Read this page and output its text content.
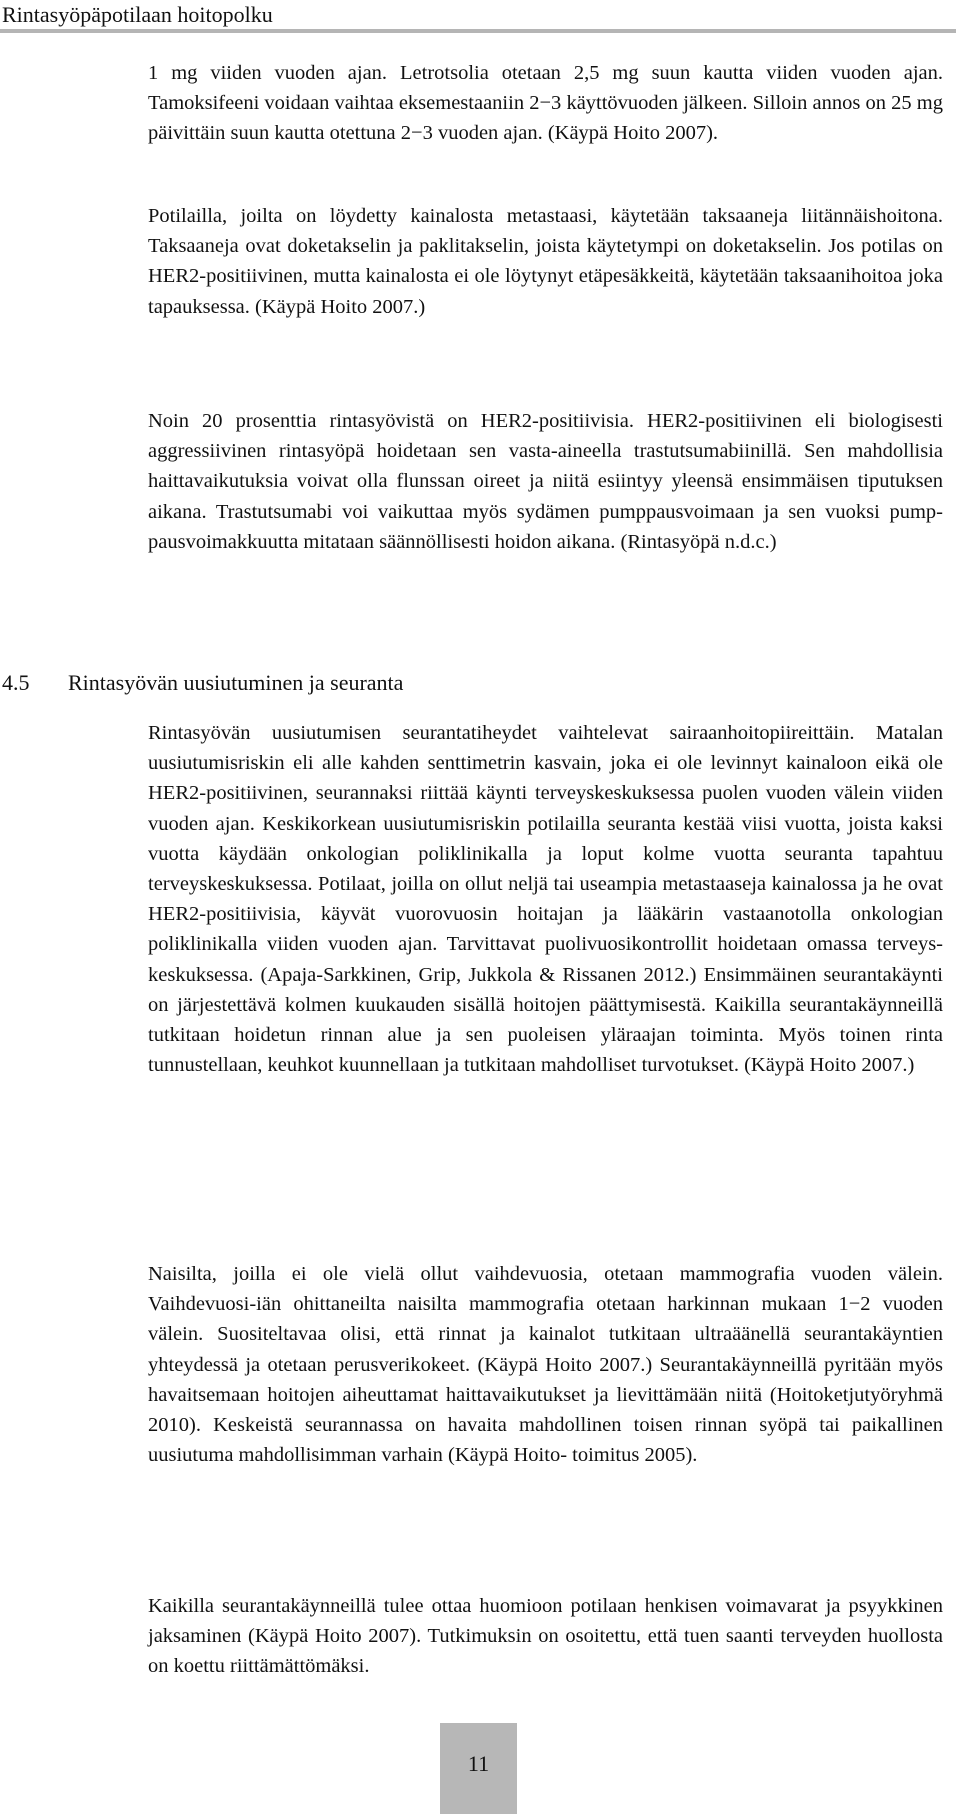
Rintasyöpäpotilaan hoitopolku

1 mg viiden vuoden ajan. Letrotsolia otetaan 2,5 mg suun kautta viiden vuoden ajan. Tamoksifeeni voidaan vaihtaa eksemestaaniin 2−3 käyttövuoden jälkeen. Silloin annos on 25 mg päivittäin suun kautta otettuna 2−3 vuoden ajan. (Käypä Hoito 2007).

Potilailla, joilta on löydetty kainalosta metastaasi, käytetään taksaaneja liitännäishoitona. Taksaaneja ovat doketakselin ja paklitakselin, joista käytetympi on doketakselin. Jos potilas on HER2-positiivinen, mutta kainalosta ei ole löytynyt etäpesäkkeitä, käytetään taksaanihoitoa joka tapauksessa. (Käypä Hoito 2007.)

Noin 20 prosenttia rintasyövistä on HER2-positiivisia. HER2-positiivinen eli biologisesti aggressiivinen rintasyöpä hoidetaan sen vasta-aineella trastutsumabiinillä. Sen mahdollisia haittavaikutuksia voivat olla flunssan oireet ja niitä esiintyy yleensä ensimmäisen tiputuksen aikana. Trastutsumabi voi vaikuttaa myös sydämen pumppausvoimaan ja sen vuoksi pumppausvoimakkuutta mitataan säännöllisesti hoidon aikana. (Rintasyöpä n.d.c.)

4.5 Rintasyövän uusiutuminen ja seuranta

Rintasyövän uusiutumisen seurantatiheydet vaihtelevat sairaanhoitopiireittäin. Matalan uusiutumisriskin eli alle kahden senttimetrin kasvain, joka ei ole levinnyt kainaloon eikä ole HER2-positiivinen, seurannaksi riittää käynti terveyskeskuksessa puolen vuoden välein viiden vuoden ajan. Keskikorkean uusiutumisriskin potilailla seuranta kestää viisi vuotta, joista kaksi vuotta käydään onkologian poliklinikalla ja loput kolme vuotta seuranta tapahtuu terveyskeskuksessa. Potilaat, joilla on ollut neljä tai useampia metastaaseja kainalossa ja he ovat HER2-positiivisia, käyvät vuorovuosin hoitajan ja lääkärin vastaanotolla onkologian poliklinikalla viiden vuoden ajan. Tarvittavat puolivuosikontrollit hoidetaan omassa terveyskeskuksessa. (Apaja-Sarkkinen, Grip, Jukkola & Rissanen 2012.) Ensimmäinen seurantakäynti on järjestettävä kolmen kuukauden sisällä hoitojen päättymisestä. Kaikilla seurantakäynneillä tutkitaan hoidetun rinnan alue ja sen puoleisen yläraajan toiminta. Myös toinen rinta tunnustellaan, keuhkot kuunnellaan ja tutkitaan mahdolliset turvotukset. (Käypä Hoito 2007.)

Naisilta, joilla ei ole vielä ollut vaihdevuosia, otetaan mammografia vuoden välein. Vaihdevuosi-iän ohittaneilta naisilta mammografia otetaan harkinnan mukaan 1−2 vuoden välein. Suositeltavaa olisi, että rinnat ja kainalot tutkitaan ultraäänellä seurantakäyntien yhteydessä ja otetaan perusverikokeet. (Käypä Hoito 2007.) Seurantakäynneillä pyritään myös havaitsemaan hoitojen aiheuttamat haittavaikutukset ja lievittämään niitä (Hoitoketjutyöryhmä 2010). Keskeistä seurannassa on havaita mahdollinen toisen rinnan syöpä tai paikallinen uusiutuma mahdollisimman varhain (Käypä Hoito- toimitus 2005).

Kaikilla seurantakäynneillä tulee ottaa huomioon potilaan henkisen voimavarat ja psyykkinen jaksaminen (Käypä Hoito 2007). Tutkimuksin on osoitettu, että tuen saanti terveyden huollosta on koettu riittämättömäksi.

11
